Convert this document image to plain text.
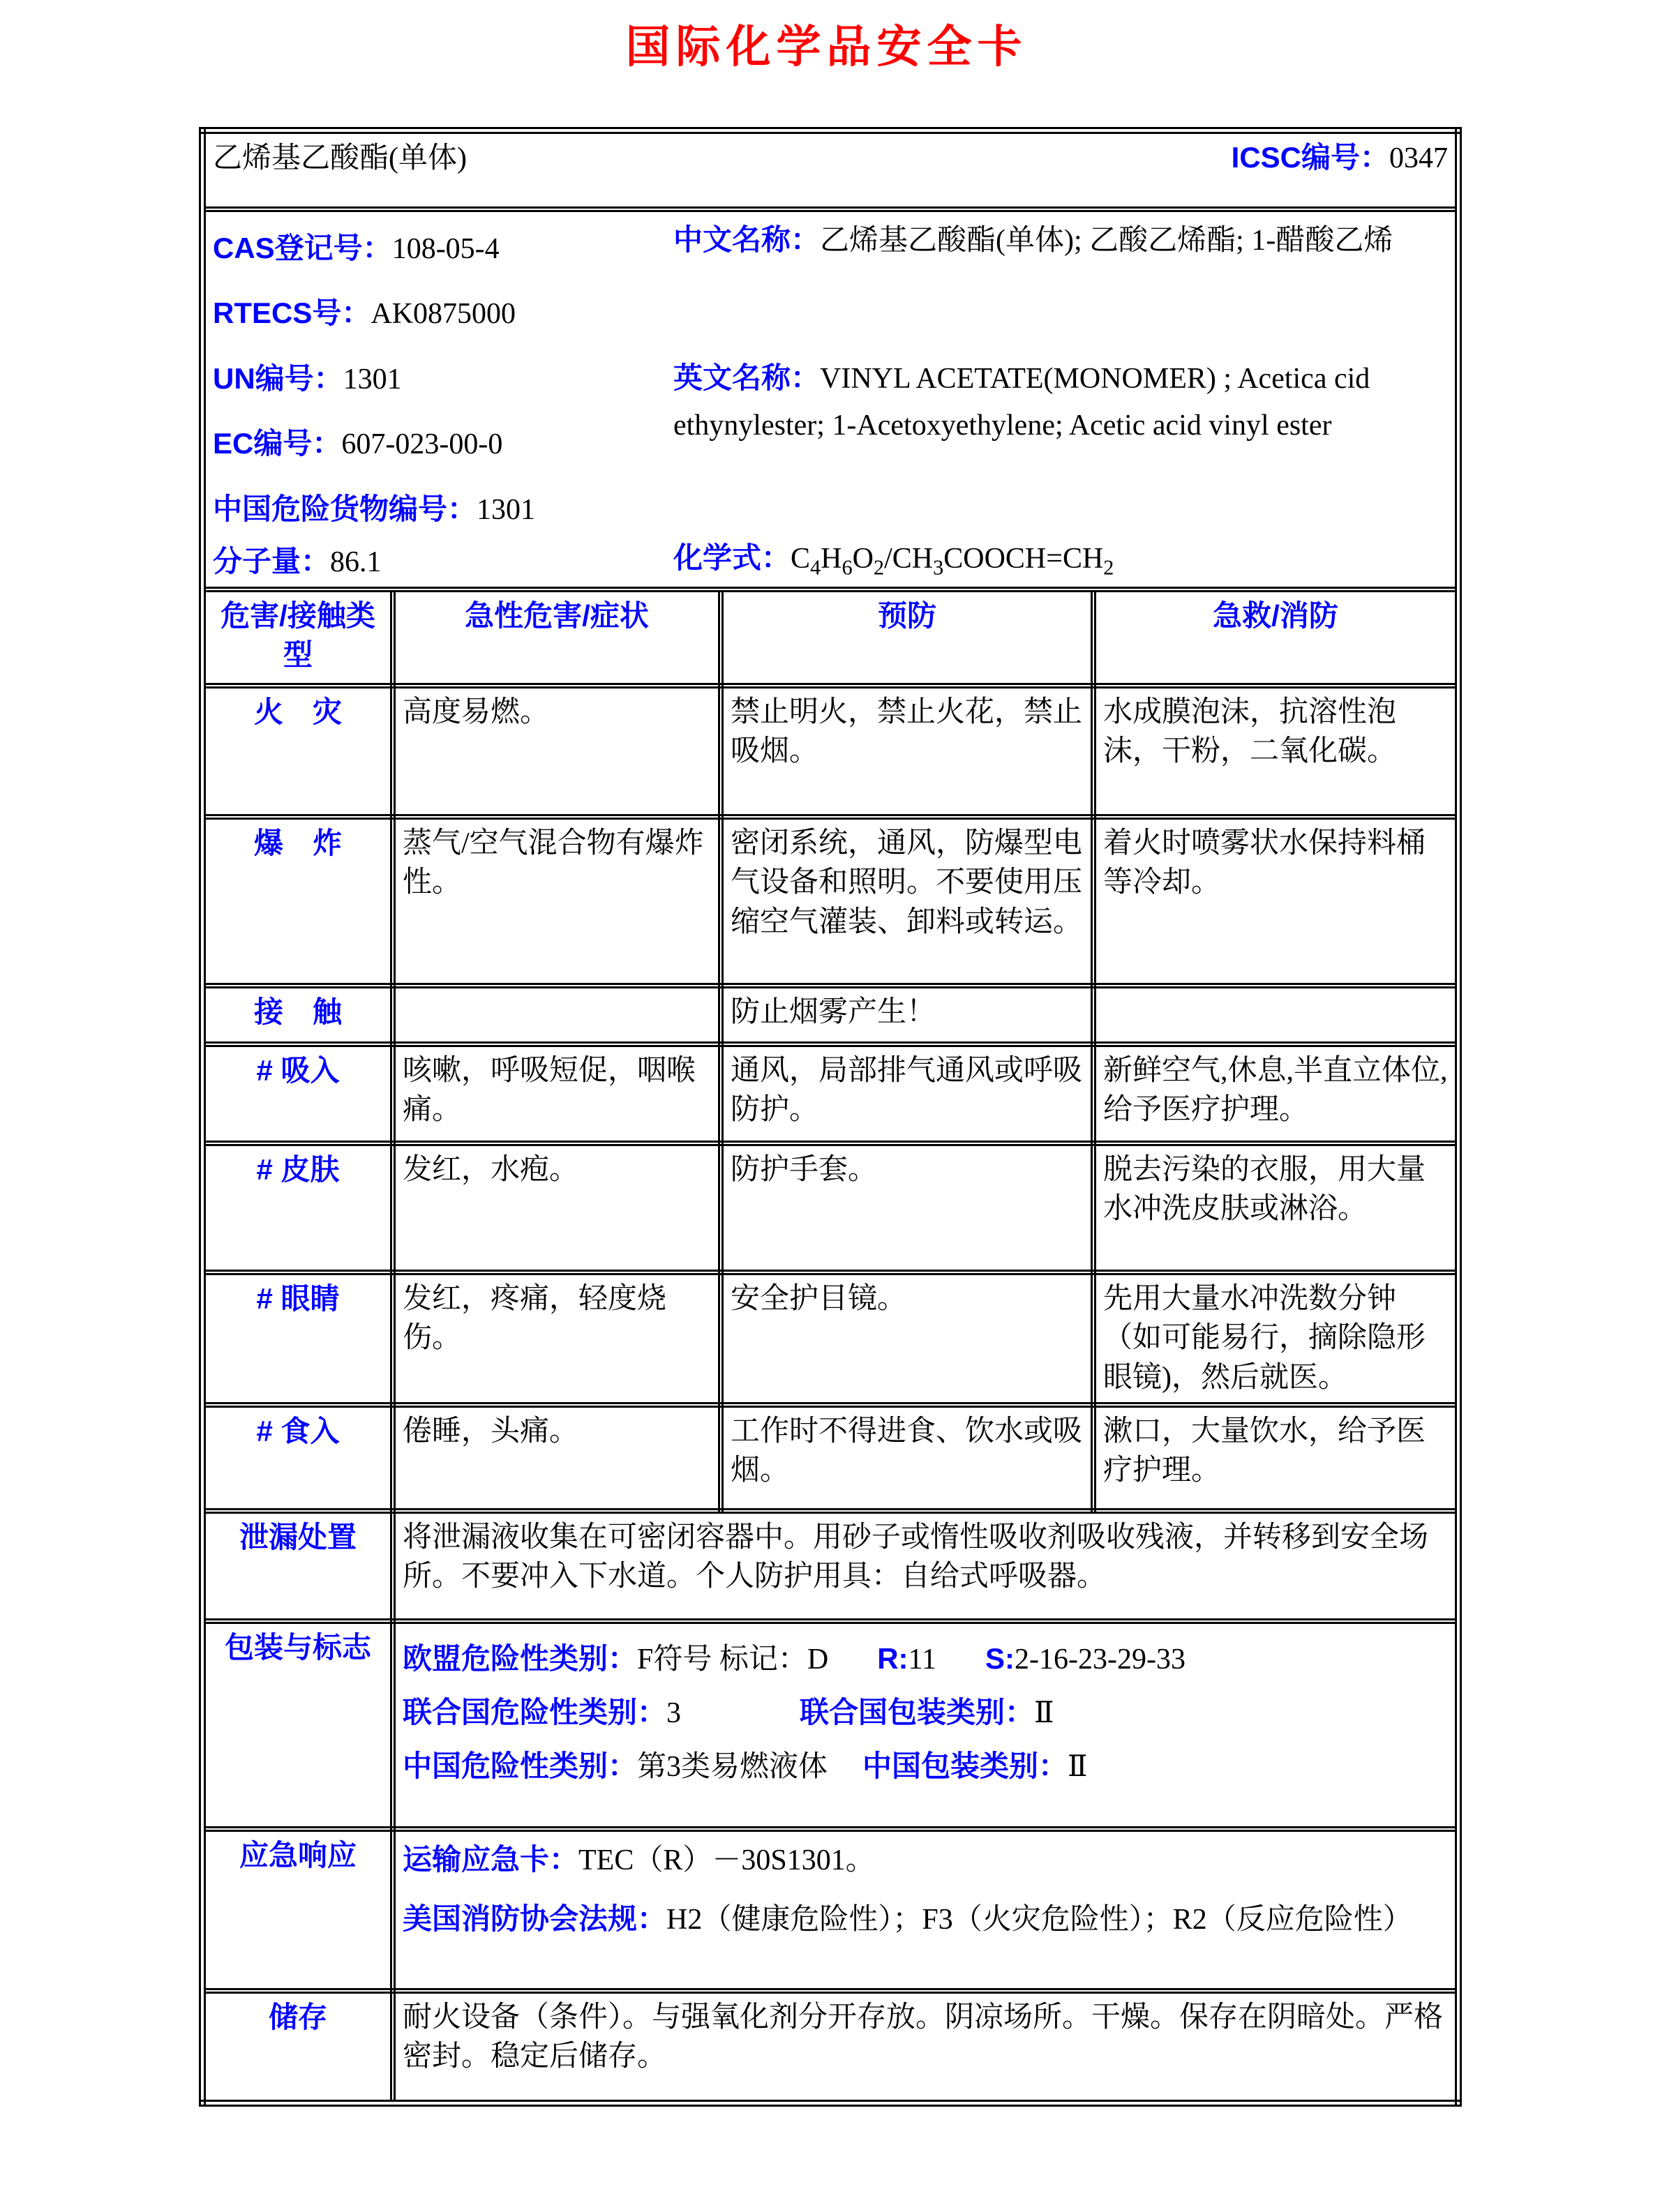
国际化学品安全卡
乙烯基乙酸酯(单体) ICSC编号：0347			

CAS登记号：108-05-4
RTECS号：AK0875000
UN编号：1301
EC编号：607-023-00-0
中国危险货物编号：1301
分子量：86.1
中文名称：乙烯基乙酸酯(单体); 乙酸乙烯酯; 1-醋酸乙烯
英文名称：VINYL ACETATE(MONOMER) ; Acetica cid ethynylester; 1-Acetoxyethylene; Acetic acid vinyl ester
化学式：$C_4H_6O_2/CH_3COOCH=CH_2$

危害/接触类型	急性危害/症状	预防	急救/消防
火　灾	高度易燃。	禁止明火，禁止火花，禁止吸烟。	水成膜泡沫，抗溶性泡沫，干粉，二氧化碳。
爆　炸	蒸气/空气混合物有爆炸性。	密闭系统，通风，防爆型电气设备和照明。不要使用压缩空气灌装、卸料或转运。	着火时喷雾状水保持料桶等冷却。
接　触		防止烟雾产生！	
# 吸入	咳嗽，呼吸短促，咽喉痛。	通风，局部排气通风或呼吸防护。	新鲜空气,休息,半直立体位,给予医疗护理。
# 皮肤	发红，水疱。	防护手套。	脱去污染的衣服，用大量水冲洗皮肤或淋浴。
# 眼睛	发红，疼痛，轻度烧伤。	安全护目镜。	先用大量水冲洗数分钟（如可能易行，摘除隐形眼镜)，然后就医。
# 食入	倦睡，头痛。	工作时不得进食、饮水或吸烟。	漱口，大量饮水，给予医疗护理。
泄漏处置	将泄漏液收集在可密闭容器中。用砂子或惰性吸收剂吸收残液，并转移到安全场所。不要冲入下水道。个人防护用具：自给式呼吸器。		
包装与标志	欧盟危险性类别：F符号 标记：D R:11 S:2-16-23-29-33
联合国危险性类别：3 联合国包装类别：Ⅱ
中国危险性类别：第3类易燃液体 中国包装类别：Ⅱ		

应急响应	运输应急卡：TEC（R）－30S1301。
美国消防协会法规：H2（健康危险性）；F3（火灾危险性）；R2（反应危险性）		

储存	耐火设备（条件）。与强氧化剂分开存放。阴凉场所。干燥。保存在阴暗处。严格密封。稳定后储存。		
